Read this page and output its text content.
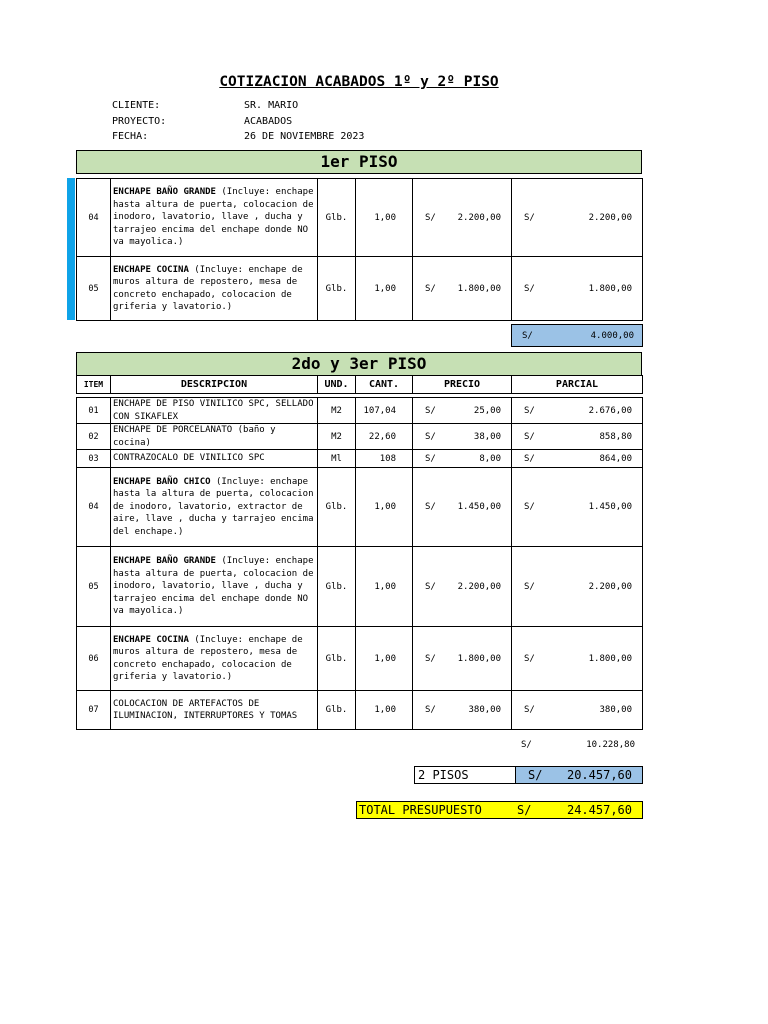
COTIZACION ACABADOS 1º y 2º PISO
CLIENTE:	SR. MARIO
PROYECTO:	ACABADOS
FECHA:	26 DE NOVIEMBRE 2023
1er PISO
04	ENCHAPE BAÑO GRANDE (Incluye: enchape hasta altura de puerta, colocacion de inodoro, lavatorio, llave , ducha y tarrajeo encima del enchape donde NO va mayolica.)	Glb.	1,00	S/ 2.200,00	S/ 2.200,00

05	ENCHAPE COCINA (Incluye: enchape de muros altura de repostero, mesa de concreto enchapado, colocacion de griferia y lavatorio.)	Glb.	1,00	S/ 1.800,00	S/ 1.800,00
S/	4.000,00
2do y 3er PISO
ITEM	DESCRIPCION	UND.	CANT.	PRECIO	PARCIAL

01	ENCHAPE DE PISO VINILICO SPC, SELLADO CON SIKAFLEX	M2	107,04	S/ 25,00	S/ 2.676,00

02	ENCHAPE DE PORCELANATO (baño y cocina)	M2	22,60	S/ 38,00	S/ 858,80

03	CONTRAZOCALO DE VINILICO SPC	Ml	108	S/ 8,00	S/ 864,00

04	ENCHAPE BAÑO CHICO (Incluye: enchape hasta la altura de puerta, colocacion de inodoro, lavatorio, extractor de aire, llave , ducha y tarrajeo encima del enchape.)	Glb.	1,00	S/ 1.450,00	S/ 1.450,00

05	ENCHAPE BAÑO GRANDE (Incluye: enchape hasta altura de puerta, colocacion de inodoro, lavatorio, llave , ducha y tarrajeo encima del enchape donde NO va mayolica.)	Glb.	1,00	S/ 2.200,00	S/ 2.200,00

06	ENCHAPE COCINA (Incluye: enchape de muros altura de repostero, mesa de concreto enchapado, colocacion de griferia y lavatorio.)	Glb.	1,00	S/ 1.800,00	S/ 1.800,00

07	COLOCACION DE ARTEFACTOS DE ILUMINACION, INTERRUPTORES Y TOMAS	Glb.	1,00	S/ 380,00	S/ 380,00
S/	10.228,80
2 PISOS	S/ 20.457,60
TOTAL PRESUPUESTO	S/	24.457,60
